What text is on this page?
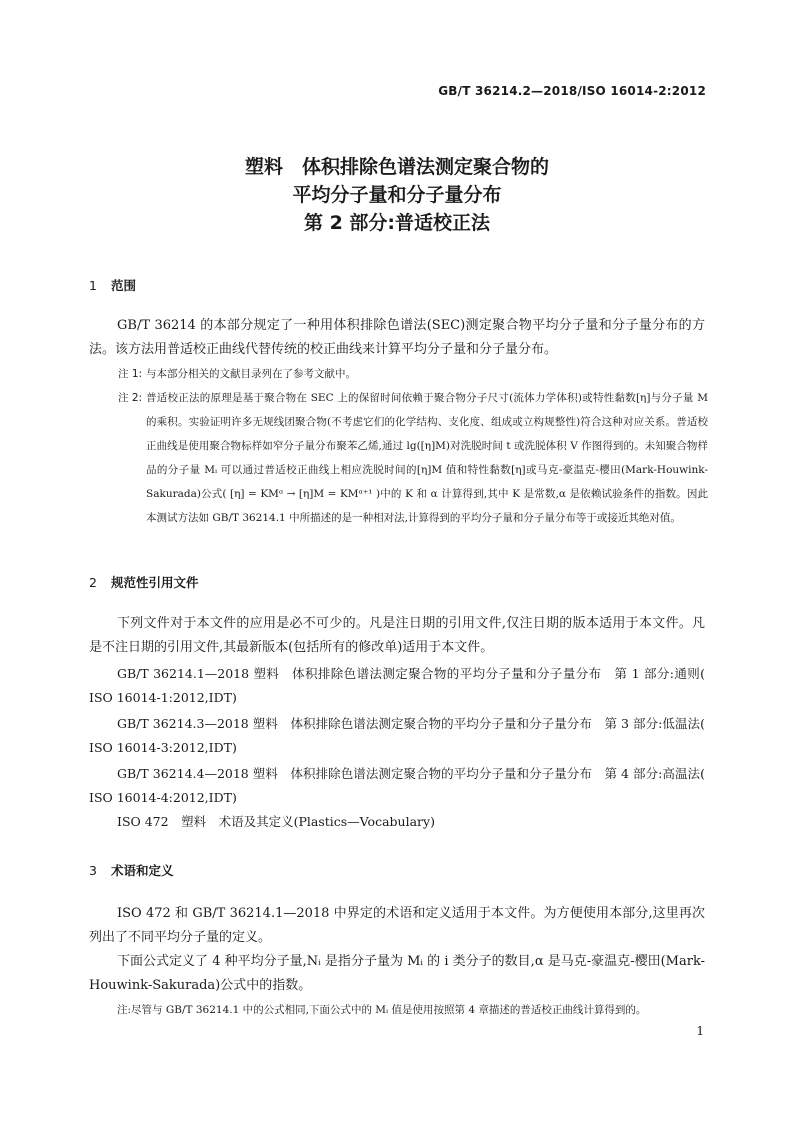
GB/T 36214.2—2018/ISO 16014-2:2012
塑料　体积排除色谱法测定聚合物的
平均分子量和分子量分布
第 2 部分:普适校正法
1 范围
GB/T 36214 的本部分规定了一种用体积排除色谱法(SEC)测定聚合物平均分子量和分子量分布的方法。该方法用普适校正曲线代替传统的校正曲线来计算平均分子量和分子量分布。
注 1: 与本部分相关的文献目录列在了参考文献中。
注 2: 普适校正法的原理是基于聚合物在 SEC 上的保留时间依赖于聚合物分子尺寸(流体力学体积)或特性黏数[η]与分子量 M 的乘积。实验证明许多无规线团聚合物(不考虑它们的化学结构、支化度、组成或立构规整性)符合这种对应关系。普适校正曲线是使用聚合物标样如窄分子量分布聚苯乙烯,通过 lg([η]M)对洗脱时间 t 或洗脱体积 V 作图得到的。未知聚合物样品的分子量 Mᵢ 可以通过普适校正曲线上相应洗脱时间的[η]M 值和特性黏数[η]或马克-豪温克-樱田(Mark-Houwink-Sakurada)公式( [η] = KMᵅ → [η]M = KMᵅ⁺¹ )中的 K 和 α 计算得到,其中 K 是常数,α 是依赖试验条件的指数。因此本测试方法如 GB/T 36214.1 中所描述的是一种相对法,计算得到的平均分子量和分子量分布等于或接近其绝对值。
2 规范性引用文件
下列文件对于本文件的应用是必不可少的。凡是注日期的引用文件,仅注日期的版本适用于本文件。凡是不注日期的引用文件,其最新版本(包括所有的修改单)适用于本文件。
GB/T 36214.1—2018 塑料　体积排除色谱法测定聚合物的平均分子量和分子量分布　第 1 部分:通则( ISO 16014-1:2012,IDT)
GB/T 36214.3—2018 塑料　体积排除色谱法测定聚合物的平均分子量和分子量分布　第 3 部分:低温法( ISO 16014-3:2012,IDT)
GB/T 36214.4—2018 塑料　体积排除色谱法测定聚合物的平均分子量和分子量分布　第 4 部分:高温法( ISO 16014-4:2012,IDT)
ISO 472　塑料　术语及其定义(Plastics—Vocabulary)
3 术语和定义
ISO 472 和 GB/T 36214.1—2018 中界定的术语和定义适用于本文件。为方便使用本部分,这里再次列出了不同平均分子量的定义。
下面公式定义了 4 种平均分子量,Nᵢ 是指分子量为 Mᵢ 的 i 类分子的数目,α 是马克-豪温克-樱田(Mark-Houwink-Sakurada)公式中的指数。
注:尽管与 GB/T 36214.1 中的公式相同,下面公式中的 Mᵢ 值是使用按照第 4 章描述的普适校正曲线计算得到的。
1
